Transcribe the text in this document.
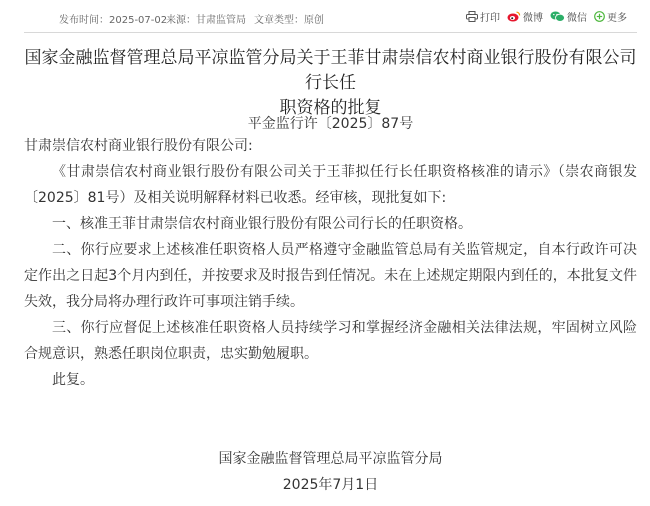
发布时间：2025-07-02
来源：甘肃监管局 文章类型：原创	打印 微博 微信 更多
国家金融监督管理总局平凉监管分局关于王菲甘肃崇信农村商业银行股份有限公司行长任
职资格的批复
平金监行许〔2025〕87号

甘肃崇信农村商业银行股份有限公司:

《甘肃崇信农村商业银行股份有限公司关于王菲拟任行长任职资格核准的请示》（崇农商银发〔2025〕81号）及相关说明解释材料已收悉。经审核，现批复如下:

一、核准王菲甘肃崇信农村商业银行股份有限公司行长的任职资格。

二、你行应要求上述核准任职资格人员严格遵守金融监管总局有关监管规定，自本行政许可决定作出之日起3个月内到任，并按要求及时报告到任情况。未在上述规定期限内到任的，本批复文件失效，我分局将办理行政许可事项注销手续。

三、你行应督促上述核准任职资格人员持续学习和掌握经济金融相关法律法规，牢固树立风险合规意识，熟悉任职岗位职责，忠实勤勉履职。

此复。

国家金融监督管理总局平凉监管分局
2025年7月1日
